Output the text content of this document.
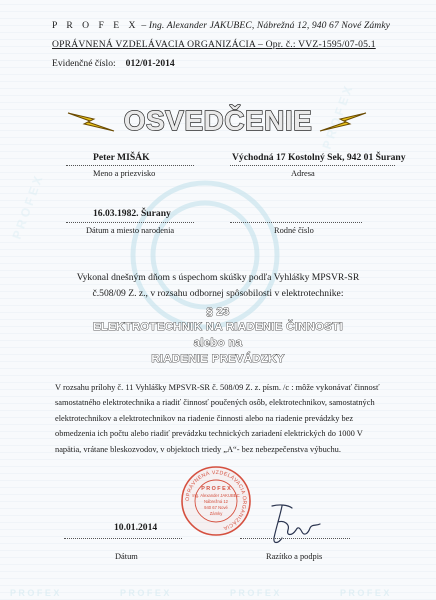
P R O F E X
P R O F E X
P R O F E X – Ing. Alexander JAKUBEC, Nábrežná 12, 940 67 Nové Zámky
OPRÁVNENÁ VZDELÁVACIA ORGANIZÁCIA – Opr. č.: VVZ-1595/07-05.1
Evidenčné číslo: 012/01-2014
OSVEDČENIE
Peter MIŠÁK	Východná 17 Kostolný Sek, 942 01 Šurany
Meno a priezvisko	Adresa
16.03.1982. Šurany
Dátum a miesto narodenia	Rodné číslo
Vykonal dnešným dňom s úspechom skúšky podľa Vyhlášky MPSVR-SR
č.508/09 Z. z., v rozsahu odbornej spôsobilosti v elektrotechnike:
§ 23
ELEKTROTECHNIK NA RIADENIE ČINNOSTI
alebo na
RIADENIE PREVÁDZKY
V rozsahu prílohy č. 11 Vyhlášky MPSVR-SR č. 508/09 Z. z. písm. /c : môže vykonávať činnosť
samostatného elektrotechnika a riadiť činnosť poučených osôb, elektrotechnikov, samostatných
elektrotechnikov a elektrotechnikov na riadenie činnosti alebo na riadenie prevádzky bez
obmedzenia ich počtu alebo riadiť prevádzku technických zariadení elektrických do 1000 V
napätia, vrátane bleskozvodov, v objektoch triedy „A“- bez nebezpečenstva výbuchu.
OPRÁVNENÁ VZDELÁVACIA ORGANIZÁCIA
P R O F E X
Ing. Alexander JAKUBEC
Nábrežná 12
940 67 Nové
Zámky
10.01.2014
Dátum	Razítko a podpis
P R O F E X	P R O F E X	P R O F E X	P R O F E X
